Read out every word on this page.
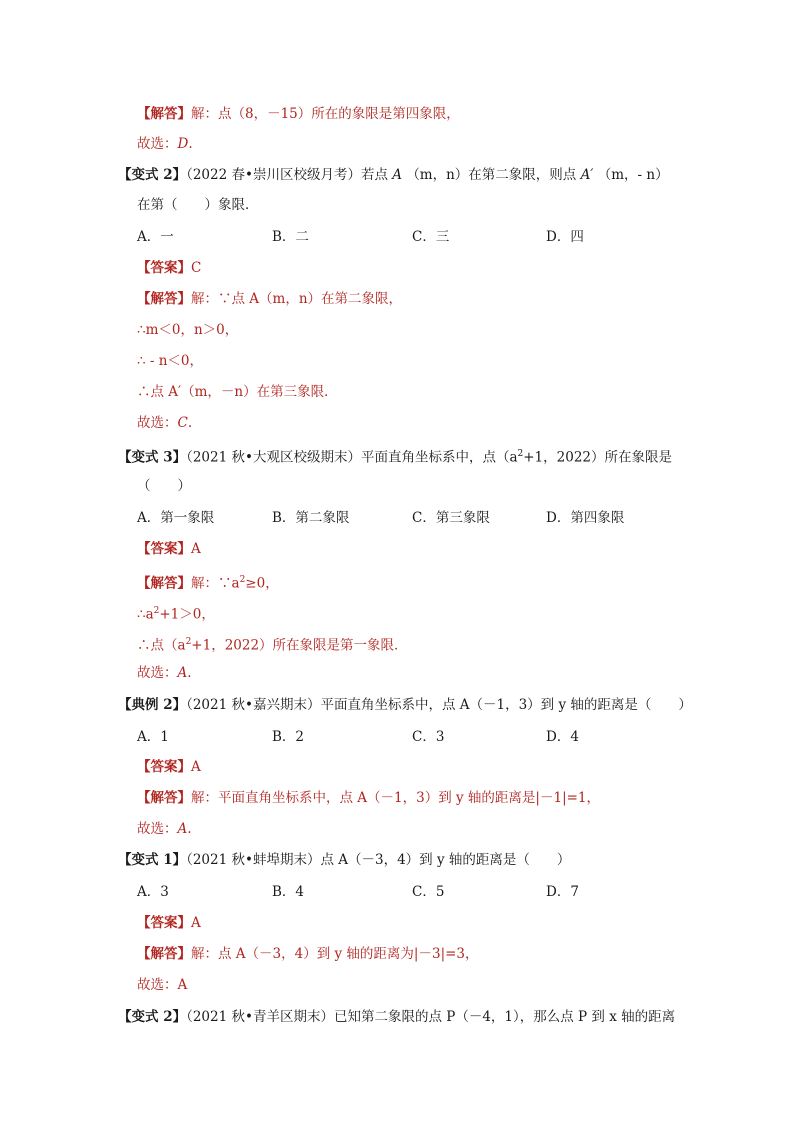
【解答】解：点（8，－15）所在的象限是第四象限，
故选：D.
【变式 2】（2022 春•崇川区校级月考）若点 A （m，n）在第二象限，则点 A′ （m，- n）
在第（　　）象限．
A．一	B．二	C．三	D．四
【答案】C
【解答】解：∵点 A（m，n）在第二象限，
∴m＜0，n＞0，
∴ - n＜0，
∴点 A′（m，－n）在第三象限．
故选：C.
【变式 3】（2021 秋•大观区校级期末）平面直角坐标系中，点（$a^2+1$，2022）所在象限是
（　　）
A．第一象限	B．第二象限	C．第三象限	D．第四象限
【答案】A
【解答】解：$\because a^2\ge 0$，
$\therefore a^2+1>0$，
∴点（$a^2+1$，2022）所在象限是第一象限．
故选：A.
【典例 2】（2021 秋•嘉兴期末）平面直角坐标系中，点 A（－1，3）到 y 轴的距离是（　　）
A．1	B．2	C．3	D．4
【答案】A
【解答】解：平面直角坐标系中，点 A（－1，3）到 y 轴的距离是|－1|=1，
故选：A.
【变式 1】（2021 秋•蚌埠期末）点 A（－3，4）到 y 轴的距离是（　　）
A．3	B．4	C．5	D．7
【答案】A
【解答】解：点 A（－3，4）到 y 轴的距离为|－3|=3，
故选：A
【变式 2】（2021 秋•青羊区期末）已知第二象限的点 P（－4，1），那么点 P 到 x 轴的距离
